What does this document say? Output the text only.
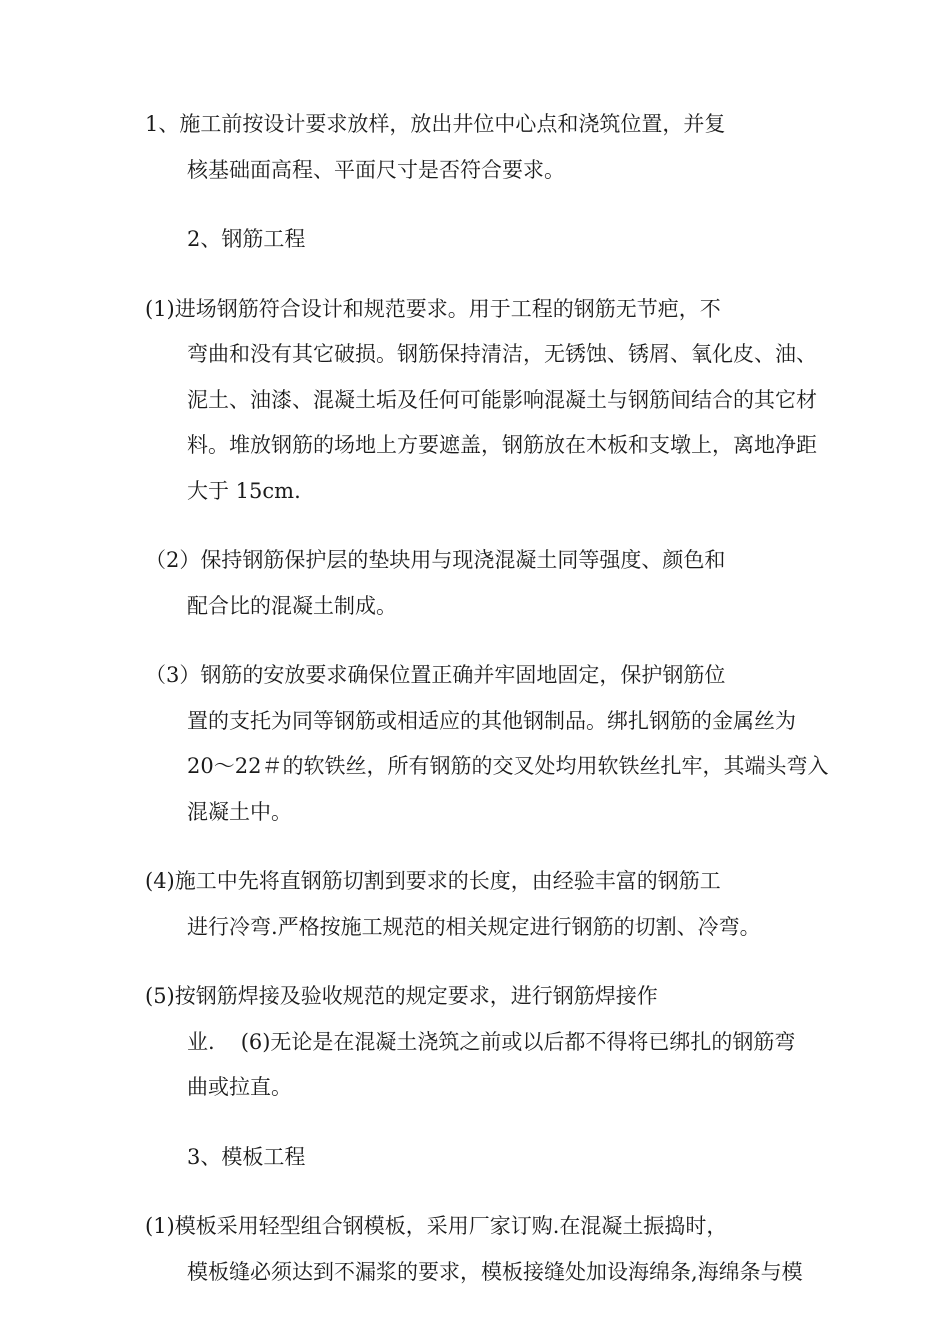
1、施工前按设计要求放样，放出井位中心点和浇筑位置，并复
核基础面高程、平面尺寸是否符合要求。
2、钢筋工程
(1)进场钢筋符合设计和规范要求。用于工程的钢筋无节疤，不
弯曲和没有其它破损。钢筋保持清洁，无锈蚀、锈屑、氧化皮、油、
泥土、油漆、混凝土垢及任何可能影响混凝土与钢筋间结合的其它材
料。堆放钢筋的场地上方要遮盖，钢筋放在木板和支墩上，离地净距
大于 15cm.
（2）保持钢筋保护层的垫块用与现浇混凝土同等强度、颜色和
配合比的混凝土制成。
（3）钢筋的安放要求确保位置正确并牢固地固定，保护钢筋位
置的支托为同等钢筋或相适应的其他钢制品。绑扎钢筋的金属丝为
20～22＃的软铁丝，所有钢筋的交叉处均用软铁丝扎牢，其端头弯入
混凝土中。
(4)施工中先将直钢筋切割到要求的长度，由经验丰富的钢筋工
进行冷弯.严格按施工规范的相关规定进行钢筋的切割、冷弯。
(5)按钢筋焊接及验收规范的规定要求，进行钢筋焊接作
业. (6)无论是在混凝土浇筑之前或以后都不得将已绑扎的钢筋弯
曲或拉直。
3、模板工程
(1)模板采用轻型组合钢模板，采用厂家订购.在混凝土振捣时，
模板缝必须达到不漏浆的要求，模板接缝处加设海绵条,海绵条与模
